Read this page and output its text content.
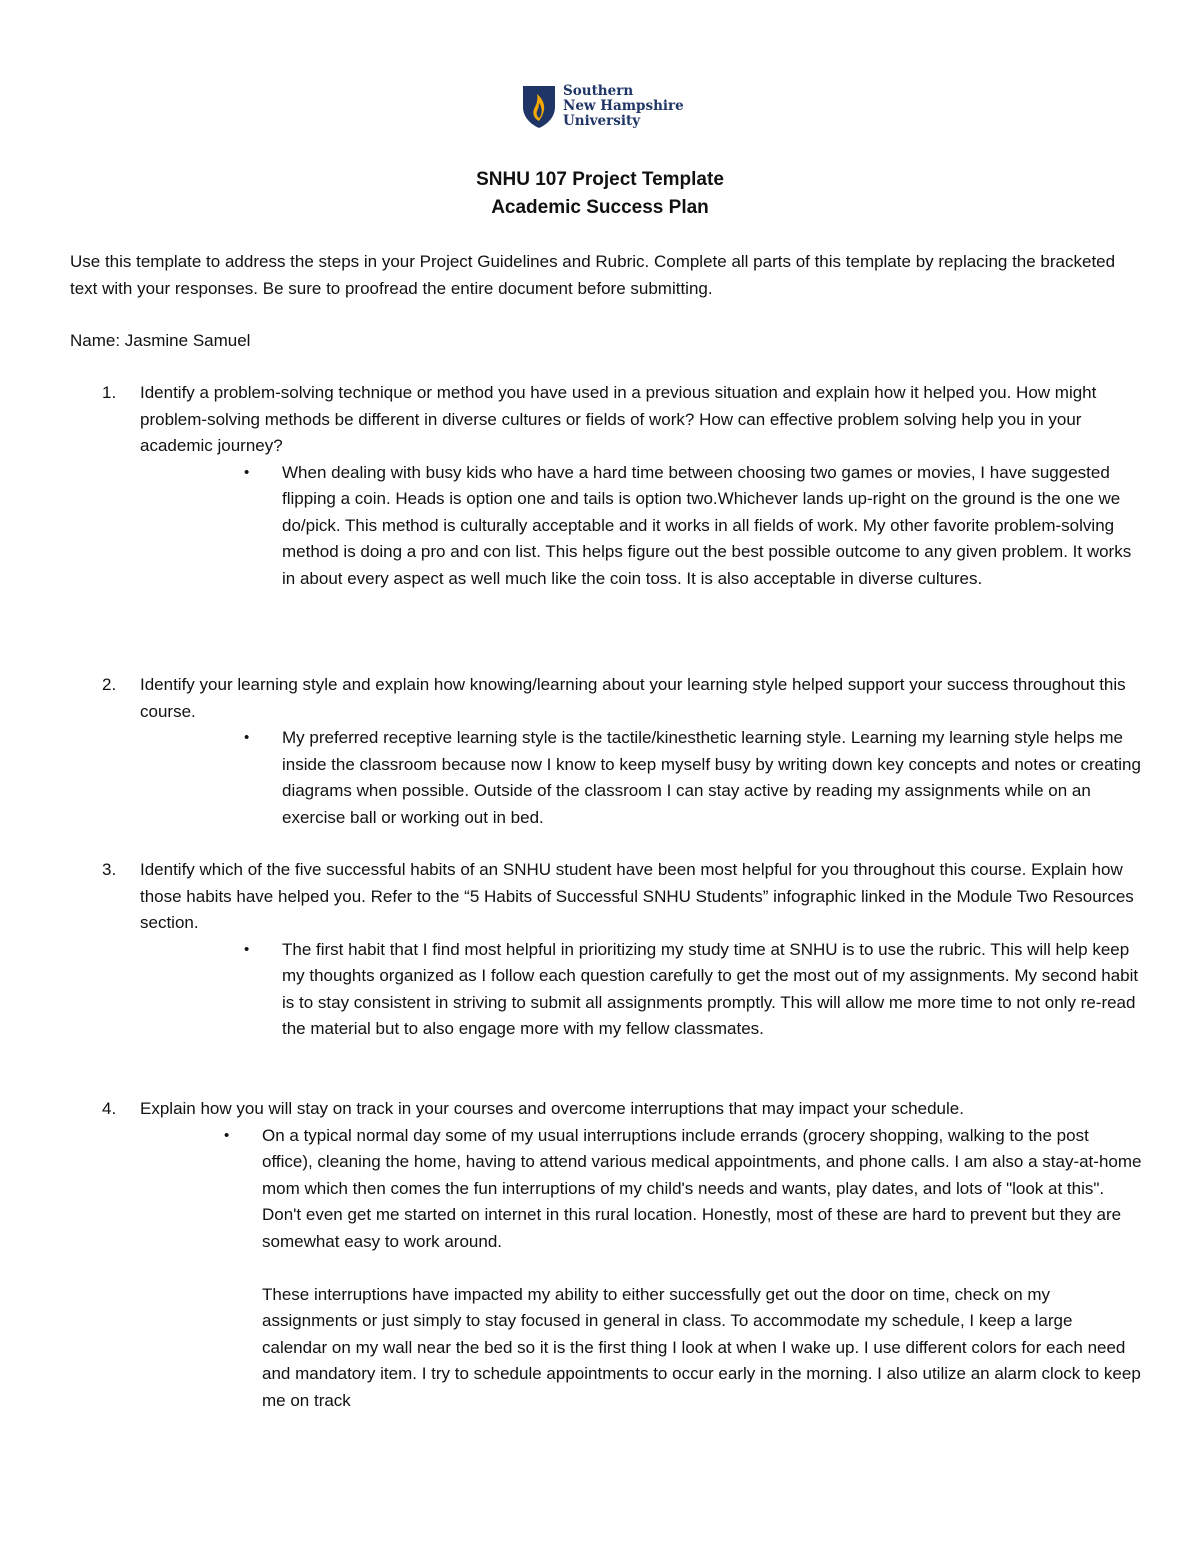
Southern
New Hampshire
University
SNHU 107 Project Template
Academic Success Plan

Use this template to address the steps in your Project Guidelines and Rubric. Complete all parts of this template by replacing the bracketed text with your responses. Be sure to proofread the entire document before submitting.

Name: Jasmine Samuel

1.	Identify a problem-solving technique or method you have used in a previous situation and explain how it helped you. How might problem-solving methods be different in diverse cultures or fields of work? How can effective problem solving help you in your academic journey?
• When dealing with busy kids who have a hard time between choosing two games or movies, I have suggested flipping a coin. Heads is option one and tails is option two.Whichever lands up-right on the ground is the one we do/pick. This method is culturally acceptable and it works in all fields of work. My other favorite problem-solving method is doing a pro and con list. This helps figure out the best possible outcome to any given problem. It works in about every aspect as well much like the coin toss. It is also acceptable in diverse cultures.
2.	Identify your learning style and explain how knowing/learning about your learning style helped support your success throughout this course.
• My preferred receptive learning style is the tactile/kinesthetic learning style. Learning my learning style helps me inside the classroom because now I know to keep myself busy by writing down key concepts and notes or creating diagrams when possible. Outside of the classroom I can stay active by reading my assignments while on an exercise ball or working out in bed.
3.	Identify which of the five successful habits of an SNHU student have been most helpful for you throughout this course. Explain how those habits have helped you. Refer to the “5 Habits of Successful SNHU Students” infographic linked in the Module Two Resources section.
• The first habit that I find most helpful in prioritizing my study time at SNHU is to use the rubric. This will help keep my thoughts organized as I follow each question carefully to get the most out of my assignments. My second habit is to stay consistent in striving to submit all assignments promptly. This will allow me more time to not only re-read the material but to also engage more with my fellow classmates.
4.	Explain how you will stay on track in your courses and overcome interruptions that may impact your schedule.
• On a typical normal day some of my usual interruptions include errands (grocery shopping, walking to the post office), cleaning the home, having to attend various medical appointments, and phone calls. I am also a stay-at-home mom which then comes the fun interruptions of my child's needs and wants, play dates, and lots of "look at this". Don't even get me started on internet in this rural location. Honestly, most of these are hard to prevent but they are somewhat easy to work around.
These interruptions have impacted my ability to either successfully get out the door on time, check on my assignments or just simply to stay focused in general in class. To accommodate my schedule, I keep a large calendar on my wall near the bed so it is the first thing I look at when I wake up. I use different colors for each need and mandatory item. I try to schedule appointments to occur early in the morning. I also utilize an alarm clock to keep me on track
